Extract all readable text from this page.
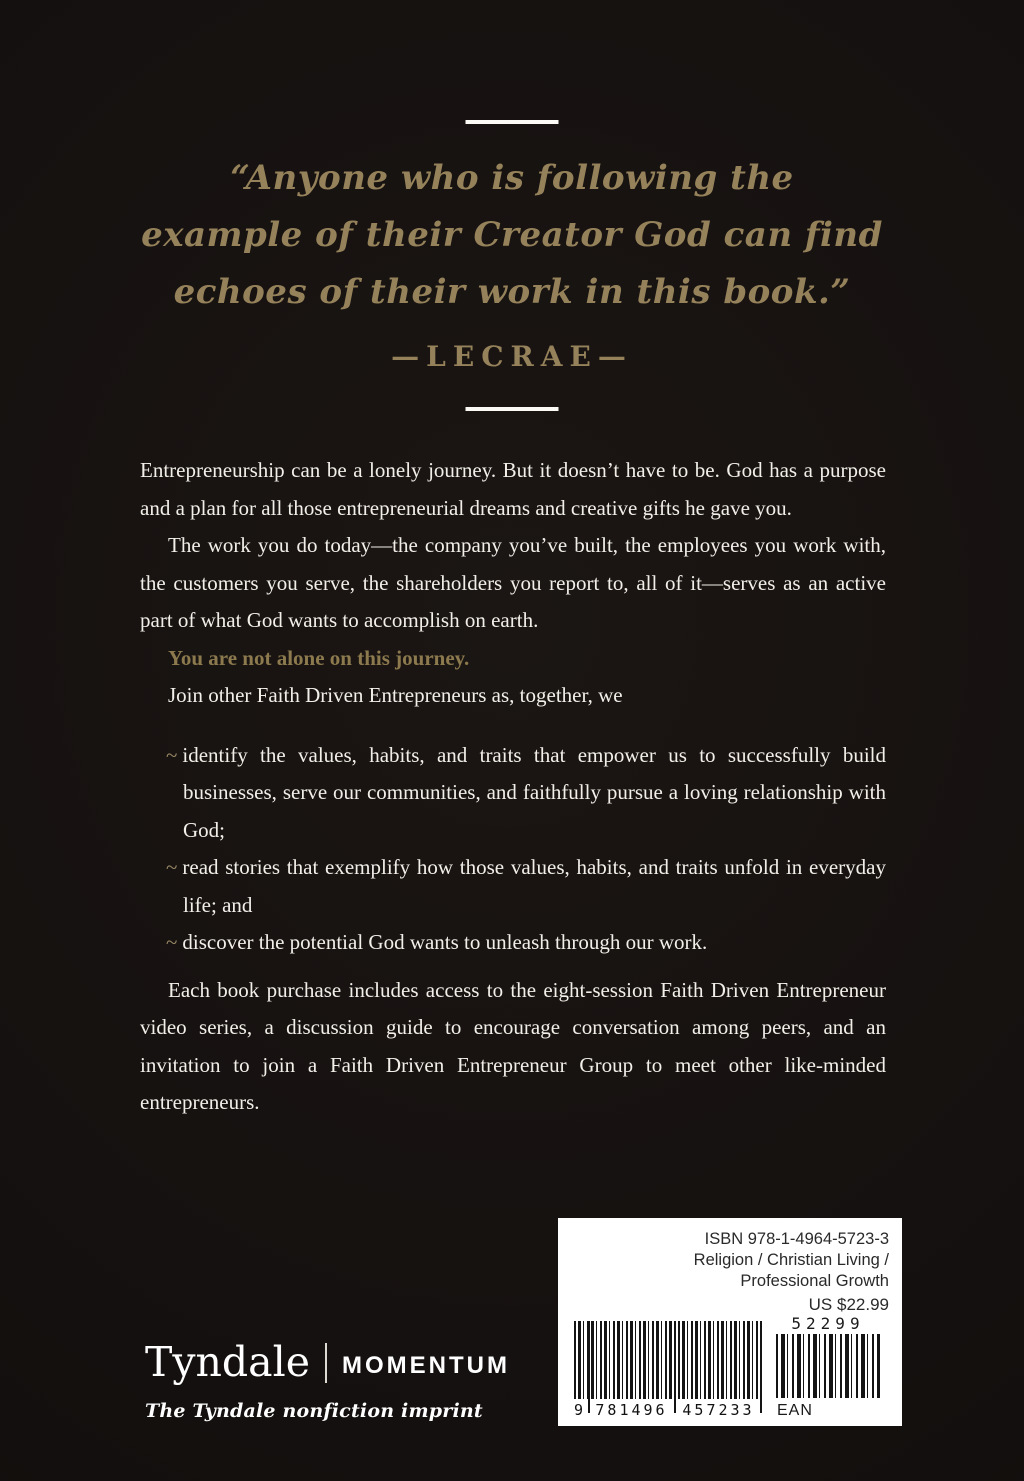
“Anyone who is following the
example of their Creator God can find
echoes of their work in this book.”
—LECRAE—

Entrepreneurship can be a lonely journey. But it doesn’t have to be. God has a purpose and a plan for all those entrepreneurial dreams and creative gifts he gave you.

The work you do today—the company you’ve built, the employees you work with, the customers you serve, the shareholders you report to, all of it—serves as an active part of what God wants to accomplish on earth.

You are not alone on this journey.

Join other Faith Driven Entrepreneurs as, together, we

~ identify the values, habits, and traits that empower us to successfully build businesses, serve our communities, and faithfully pursue a loving relationship with God;
~ read stories that exemplify how those values, habits, and traits unfold in everyday life; and
~ discover the potential God wants to unleash through our work.

Each book purchase includes access to the eight-session Faith Driven Entrepreneur video series, a discussion guide to encourage conversation among peers, and an invitation to join a Faith Driven Entrepreneur Group to meet other like-minded entrepreneurs.

Tyndale MOMENTUM
The Tyndale nonfiction imprint
ISBN 978-1-4964-5723-3
Religion / Christian Living /
Professional Growth
US $22.99
52299
9 781496 457233	EAN
